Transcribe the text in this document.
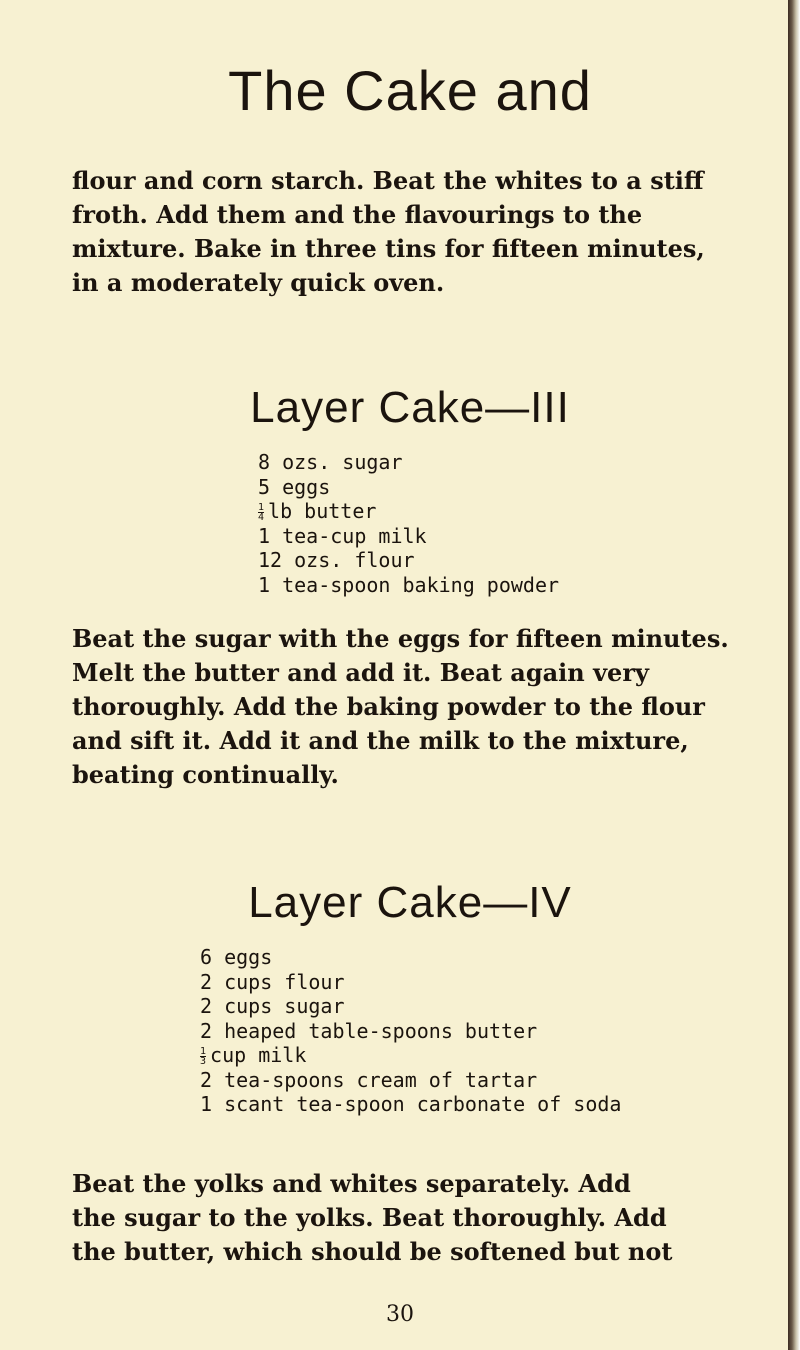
The Cake and
flour and corn starch. Beat the whites to a stiff
froth. Add them and the flavourings to the
mixture. Bake in three tins for fifteen minutes,
in a moderately quick oven.
Layer Cake—III
8 ozs. sugar
5 eggs
$\frac{1}{4}$ lb butter
1 tea-cup milk
12 ozs. flour
1 tea-spoon baking powder
Beat the sugar with the eggs for fifteen minutes.
Melt the butter and add it. Beat again very
thoroughly. Add the baking powder to the flour
and sift it. Add it and the milk to the mixture,
beating continually.
Layer Cake—IV
6 eggs
2 cups flour
2 cups sugar
2 heaped table-spoons butter
$\frac{1}{3}$ cup milk
2 tea-spoons cream of tartar
1 scant tea-spoon carbonate of soda
Beat the yolks and whites separately. Add
the sugar to the yolks. Beat thoroughly. Add
the butter, which should be softened but not
30
